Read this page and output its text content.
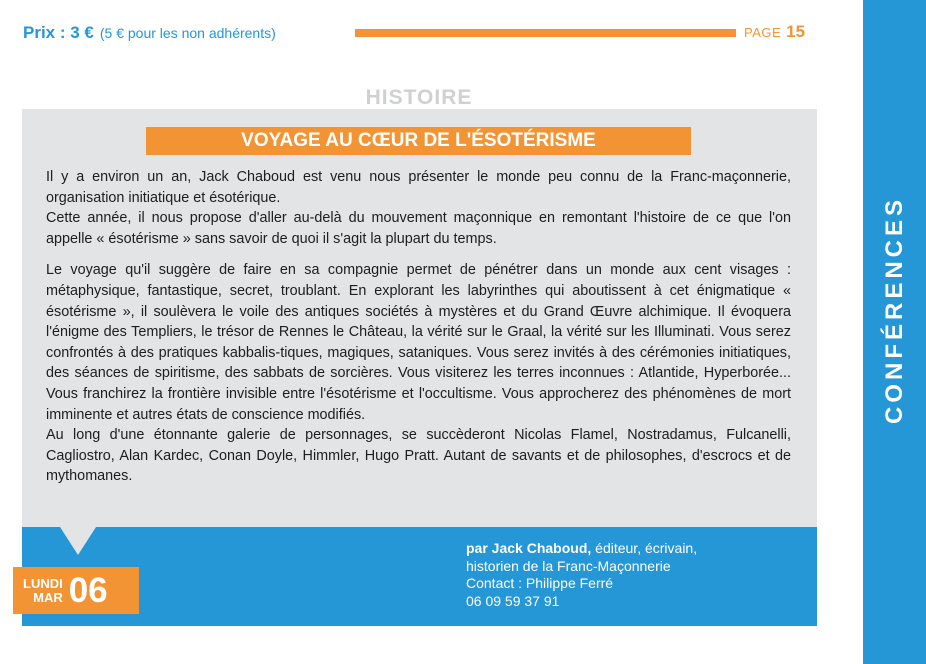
Prix : 3 € (5 € pour les non adhérents)	PAGE 15
CONFÉRENCES
HISTOIRE
VOYAGE AU CŒUR DE L'ÉSOTÉRISME

Il y a environ un an, Jack Chaboud est venu nous présenter le monde peu connu de la Franc-maçonnerie, organisation initiatique et ésotérique.

Cette année, il nous propose d'aller au-delà du mouvement maçonnique en remontant l'histoire de ce que l'on appelle « ésotérisme » sans savoir de quoi il s'agit la plupart du temps.

Le voyage qu'il suggère de faire en sa compagnie permet de pénétrer dans un monde aux cent visages : métaphysique, fantastique, secret, troublant. En explorant les labyrinthes qui aboutissent à cet énigmatique « ésotérisme », il soulèvera le voile des antiques sociétés à mystères et du Grand Œuvre alchimique. Il évoquera l'énigme des Templiers, le trésor de Rennes le Château, la vérité sur le Graal, la vérité sur les Illuminati. Vous serez confrontés à des pratiques kabbalis-tiques, magiques, sataniques. Vous serez invités à des cérémonies initiatiques, des séances de spiritisme, des sabbats de sorcières. Vous visiterez les terres inconnues : Atlantide, Hyperborée... Vous franchirez la frontière invisible entre l'ésotérisme et l'occultisme. Vous approcherez des phénomènes de mort imminente et autres états de conscience modifiés.

Au long d'une étonnante galerie de personnages, se succèderont Nicolas Flamel, Nostradamus, Fulcanelli, Cagliostro, Alan Kardec, Conan Doyle, Himmler, Hugo Pratt. Autant de savants et de philosophes, d'escrocs et de mythomanes.

LUNDI
MAR 06
par Jack Chaboud, éditeur, écrivain,
historien de la Franc-Maçonnerie
Contact : Philippe Ferré
06 09 59 37 91
